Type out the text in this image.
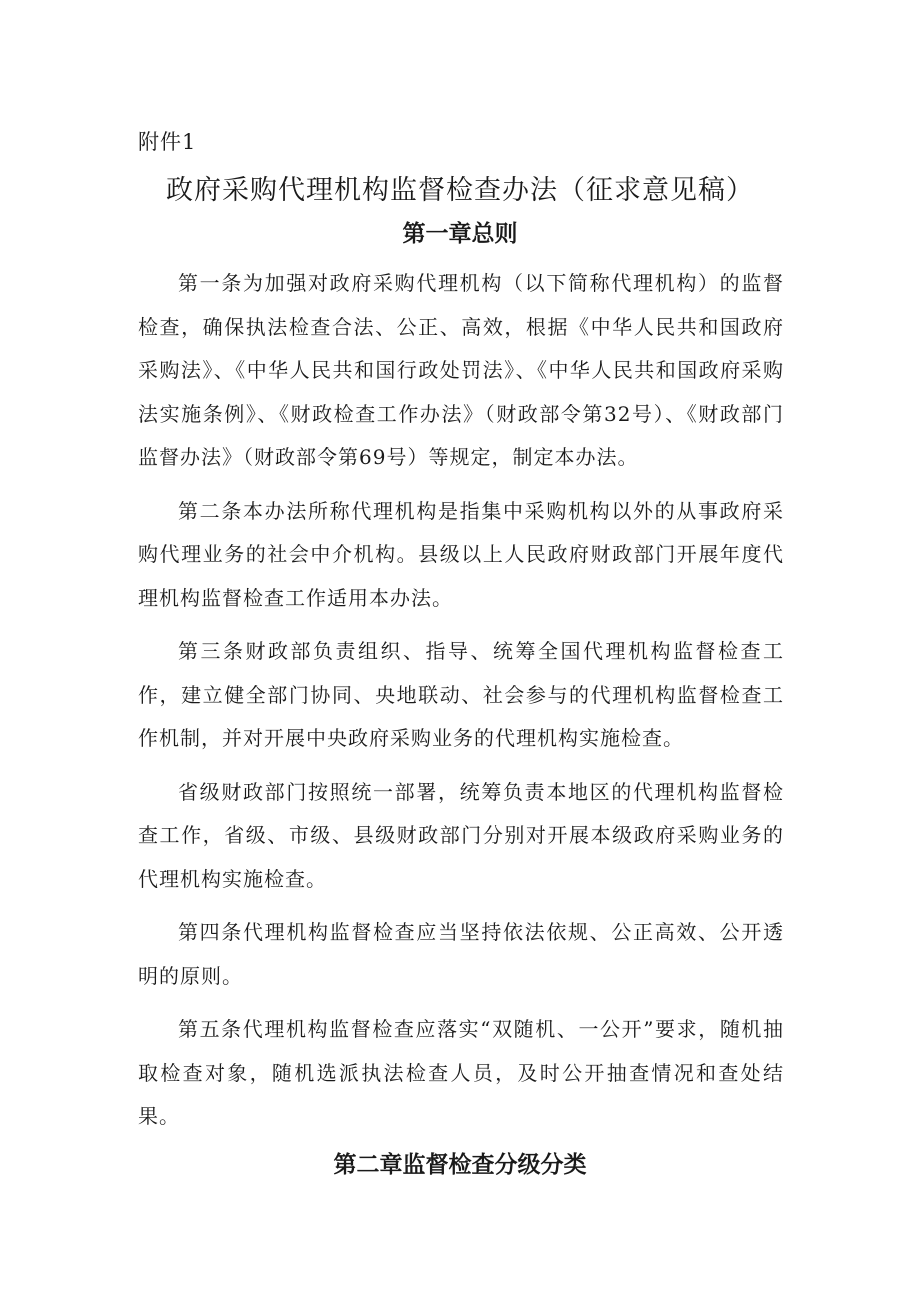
附件1
政府采购代理机构监督检查办法（征求意见稿）
第一章总则

第一条为加强对政府采购代理机构（以下简称代理机构）的监督检查，确保执法检查合法、公正、高效，根据《中华人民共和国政府采购法》、《中华人民共和国行政处罚法》、《中华人民共和国政府采购法实施条例》、《财政检查工作办法》（财政部令第32号）、《财政部门监督办法》（财政部令第69号）等规定，制定本办法。

第二条本办法所称代理机构是指集中采购机构以外的从事政府采购代理业务的社会中介机构。县级以上人民政府财政部门开展年度代理机构监督检查工作适用本办法。

第三条财政部负责组织、指导、统筹全国代理机构监督检查工作，建立健全部门协同、央地联动、社会参与的代理机构监督检查工作机制，并对开展中央政府采购业务的代理机构实施检查。

省级财政部门按照统一部署，统筹负责本地区的代理机构监督检查工作，省级、市级、县级财政部门分别对开展本级政府采购业务的代理机构实施检查。

第四条代理机构监督检查应当坚持依法依规、公正高效、公开透明的原则。

第五条代理机构监督检查应落实“双随机、一公开”要求，随机抽取检查对象，随机选派执法检查人员，及时公开抽查情况和查处结果。

第二章监督检查分级分类
